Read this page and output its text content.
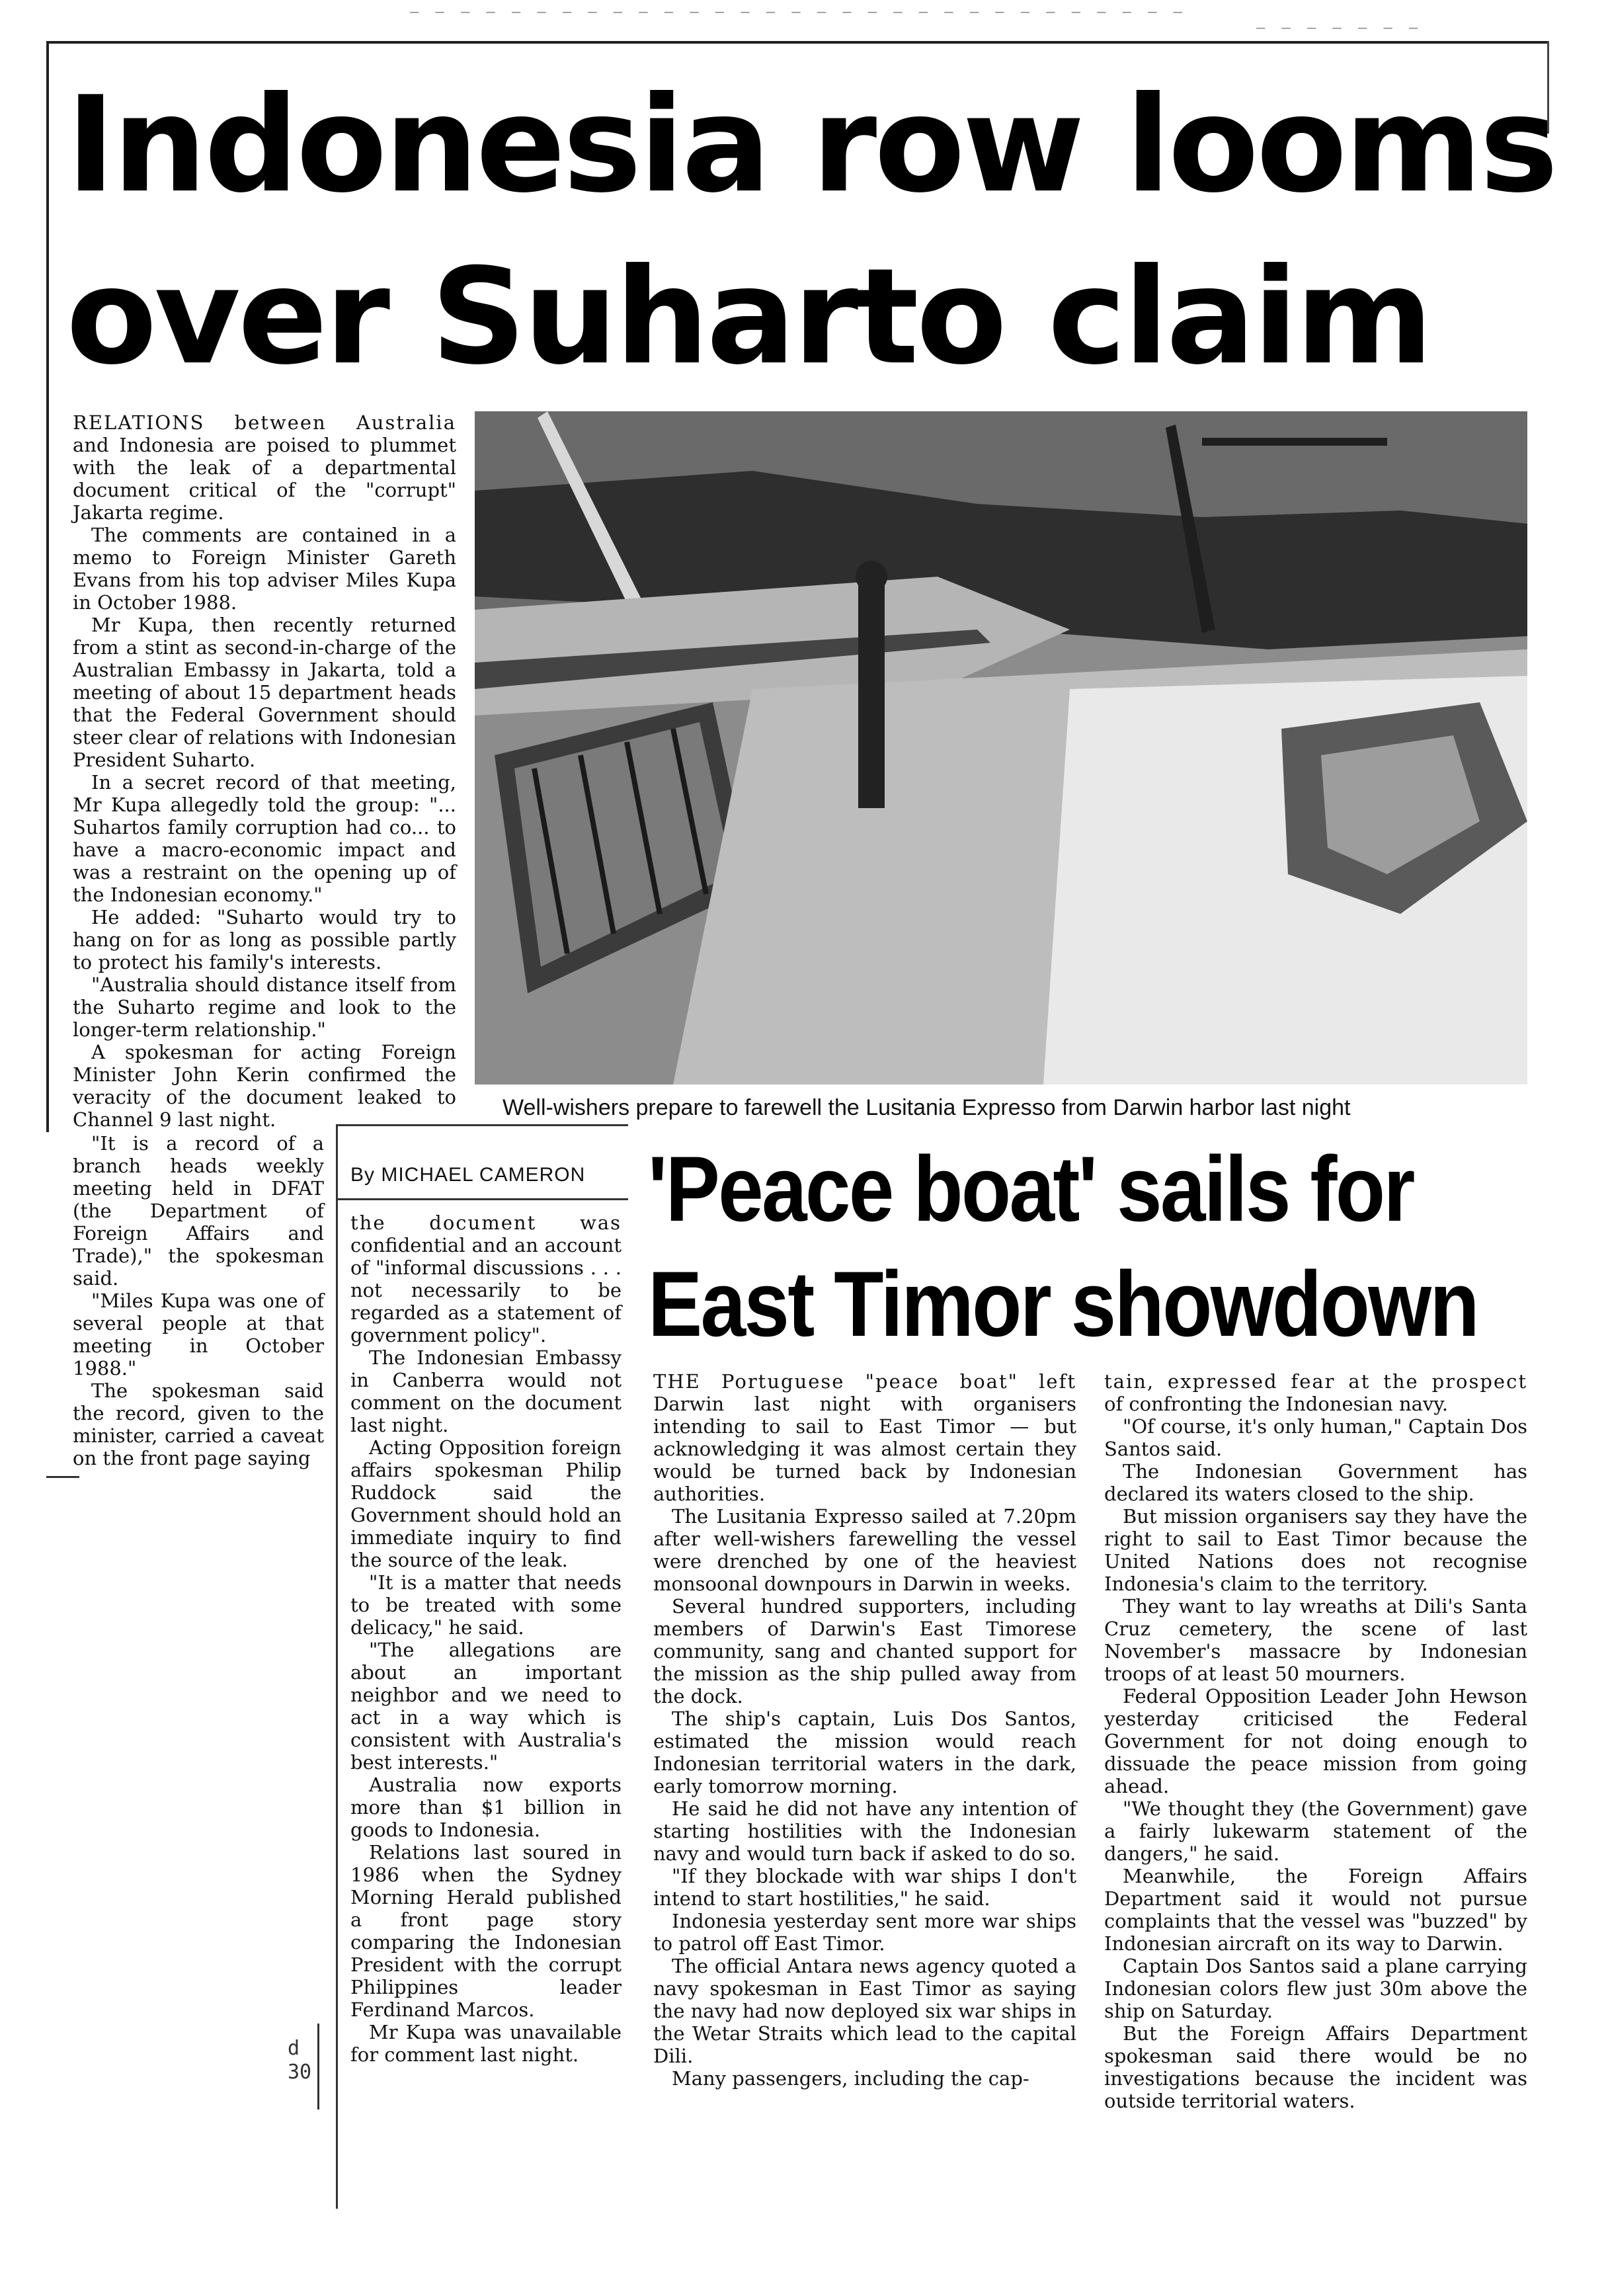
‒ ‒ ‒ ‒ ‒ ‒ ‒ ‒ ‒ ‒ ‒ ‒ ‒ ‒ ‒ ‒ ‒ ‒ ‒ ‒ ‒ ‒ ‒ ‒ ‒ ‒ ‒ ‒ ‒ ‒ ‒
‒ ‒ ‒ ‒ ‒ ‒ ‒
Indonesia row looms
over Suharto claim

RELATIONS between Australia and Indonesia are poised to plummet with the leak of a departmental document critical of the "corrupt" Jakarta regime.

The comments are contained in a memo to Foreign Minister Gareth Evans from his top adviser Miles Kupa in October 1988.

Mr Kupa, then recently returned from a stint as second-in-charge of the Australian Embassy in Jakarta, told a meeting of about 15 department heads that the Federal Government should steer clear of relations with Indonesian President Suharto.

In a secret record of that meeting, Mr Kupa allegedly told the group: "... Suhartos family corruption had co... to have a macro-economic impact and was a restraint on the opening up of the Indonesian economy."

He added: "Suharto would try to hang on for as long as possible partly to protect his family's interests.

"Australia should distance itself from the Suharto regime and look to the longer-term relationship."

A spokesman for acting Foreign Minister John Kerin confirmed the veracity of the document leaked to Channel 9 last night.

"It is a record of a branch heads weekly meeting held in DFAT (the Department of Foreign Affairs and Trade)," the spokesman said.

"Miles Kupa was one of several people at that meeting in October 1988."

The spokesman said the record, given to the minister, carried a caveat on the front page saying

By MICHAEL CAMERON

the document was confidential and an account of "informal discussions . . . not necessarily to be regarded as a statement of government policy".

The Indonesian Embassy in Canberra would not comment on the document last night.

Acting Opposition foreign affairs spokesman Philip Ruddock said the Government should hold an immediate inquiry to find the source of the leak.

"It is a matter that needs to be treated with some delicacy," he said.

"The allegations are about an important neighbor and we need to act in a way which is consistent with Australia's best interests."

Australia now exports more than $1 billion in goods to Indonesia.

Relations last soured in 1986 when the Sydney Morning Herald published a front page story comparing the Indonesian President with the corrupt Philippines leader Ferdinand Marcos.

Mr Kupa was unavailable for comment last night.

d 30
Well-wishers prepare to farewell the Lusitania Expresso from Darwin harbor last night
'Peace boat' sails for
East Timor showdown

THE Portuguese "peace boat" left Darwin last night with organisers intending to sail to East Timor — but acknowledging it was almost certain they would be turned back by Indonesian authorities.

The Lusitania Expresso sailed at 7.20pm after well-wishers farewelling the vessel were drenched by one of the heaviest monsoonal downpours in Darwin in weeks.

Several hundred supporters, including members of Darwin's East Timorese community, sang and chanted support for the mission as the ship pulled away from the dock.

The ship's captain, Luis Dos Santos, estimated the mission would reach Indonesian territorial waters in the dark, early tomorrow morning.

He said he did not have any intention of starting hostilities with the Indonesian navy and would turn back if asked to do so.

"If they blockade with war ships I don't intend to start hostilities," he said.

Indonesia yesterday sent more war ships to patrol off East Timor.

The official Antara news agency quoted a navy spokesman in East Timor as saying the navy had now deployed six war ships in the Wetar Straits which lead to the capital Dili.

Many passengers, including the cap-

tain, expressed fear at the prospect of confronting the Indonesian navy.

"Of course, it's only human," Captain Dos Santos said.

The Indonesian Government has declared its waters closed to the ship.

But mission organisers say they have the right to sail to East Timor because the United Nations does not recognise Indonesia's claim to the territory.

They want to lay wreaths at Dili's Santa Cruz cemetery, the scene of last November's massacre by Indonesian troops of at least 50 mourners.

Federal Opposition Leader John Hewson yesterday criticised the Federal Government for not doing enough to dissuade the peace mission from going ahead.

"We thought they (the Government) gave a fairly lukewarm statement of the dangers," he said.

Meanwhile, the Foreign Affairs Department said it would not pursue complaints that the vessel was "buzzed" by Indonesian aircraft on its way to Darwin.

Captain Dos Santos said a plane carrying Indonesian colors flew just 30m above the ship on Saturday.

But the Foreign Affairs Department spokesman said there would be no investigations because the incident was outside territorial waters.
